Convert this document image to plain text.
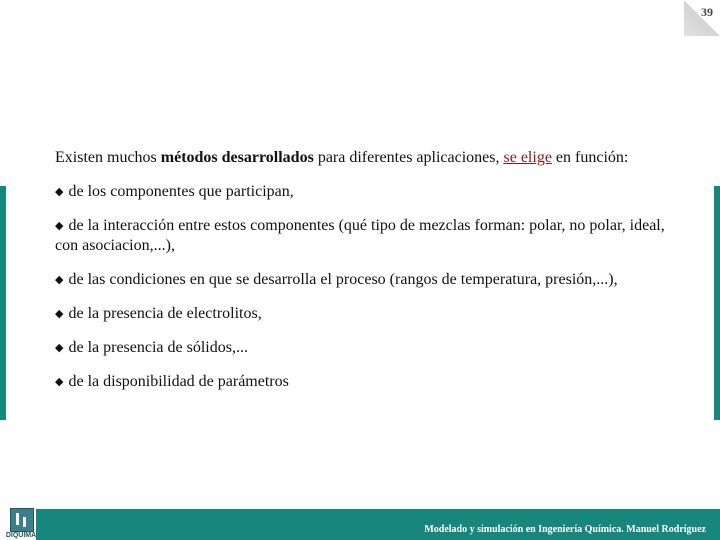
39

Existen muchos métodos desarrollados para diferentes aplicaciones, se elige en función:

◆ de los componentes que participan,

◆ de la interacción entre estos componentes (qué tipo de mezclas forman: polar, no polar, ideal, con asociacion,...),

◆ de las condiciones en que se desarrolla el proceso (rangos de temperatura, presión,...),

◆ de la presencia de electrolitos,

◆ de la presencia de sólidos,...

◆ de la disponibilidad de parámetros

Modelado y simulación en Ingeniería Química. Manuel Rodríguez
DIQUIMA
